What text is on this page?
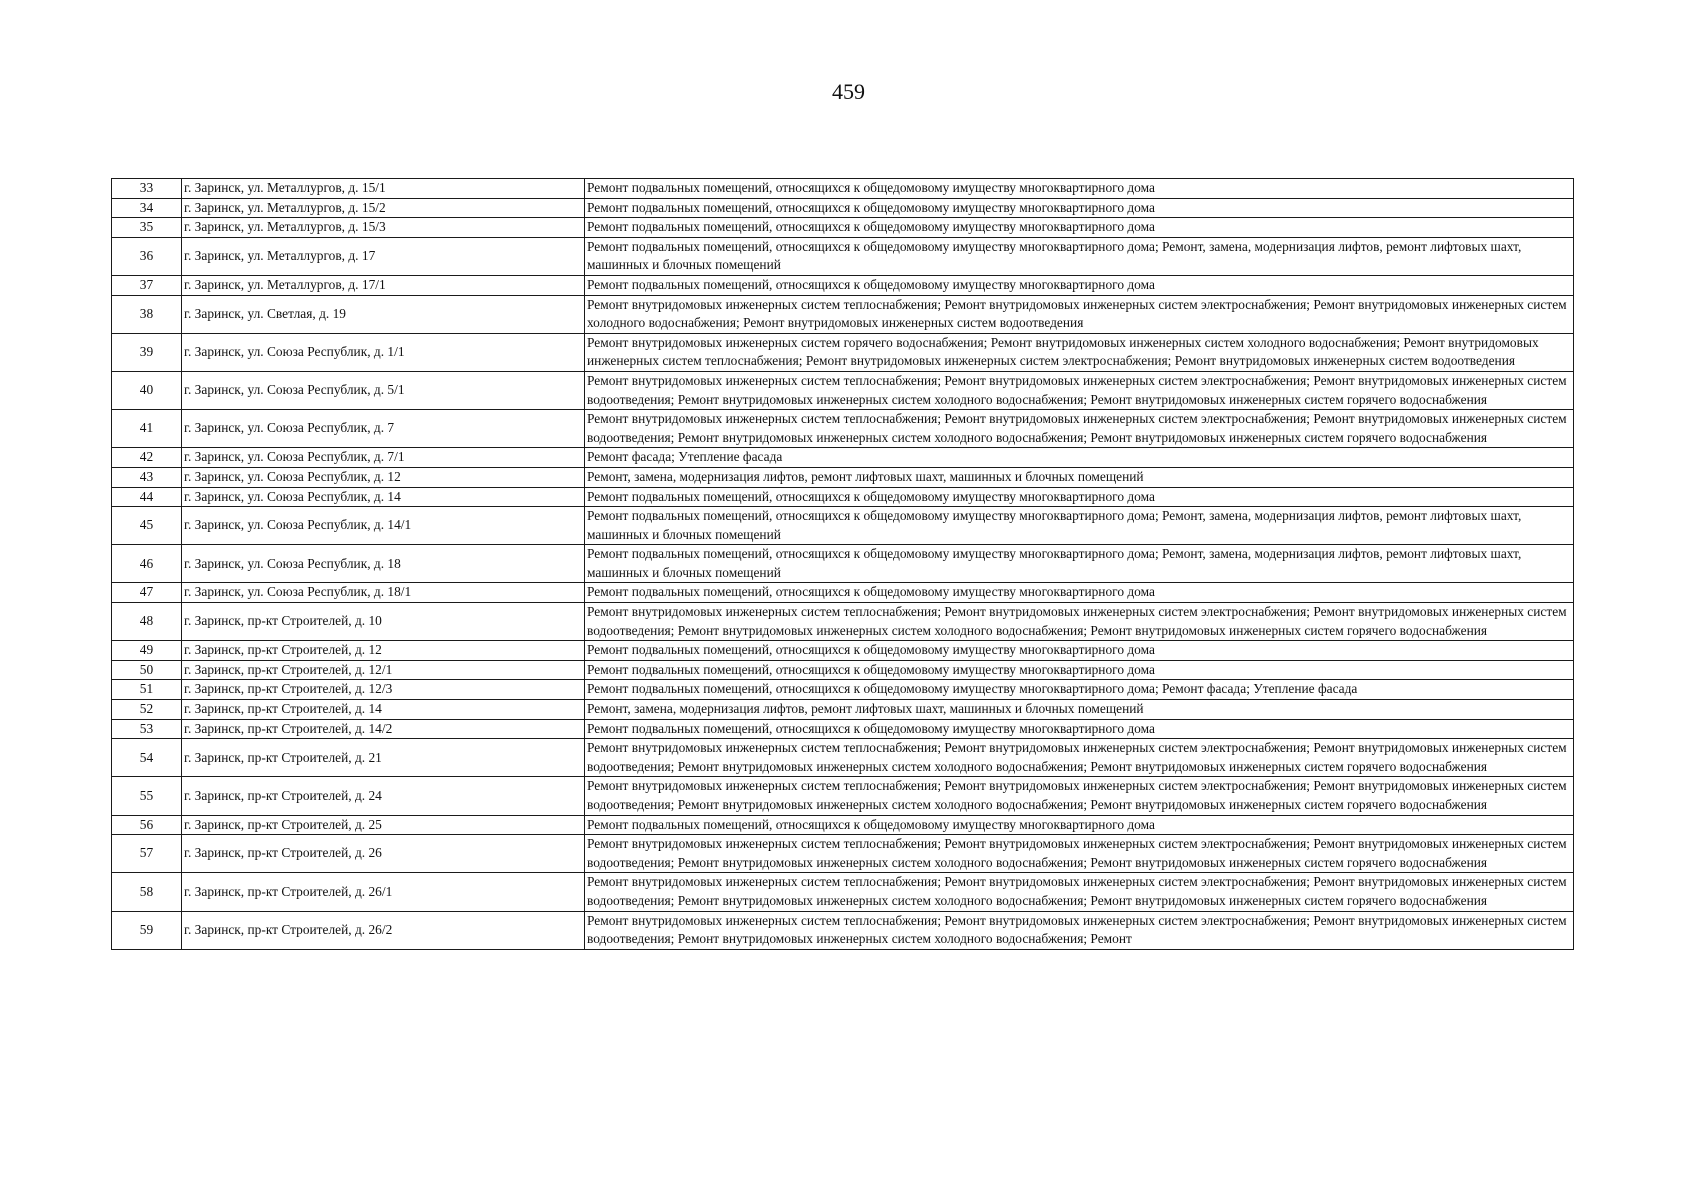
459
33	г. Заринск, ул. Металлургов, д. 15/1	Ремонт подвальных помещений, относящихся к общедомовому имуществу многоквартирного дома
34	г. Заринск, ул. Металлургов, д. 15/2	Ремонт подвальных помещений, относящихся к общедомовому имуществу многоквартирного дома
35	г. Заринск, ул. Металлургов, д. 15/3	Ремонт подвальных помещений, относящихся к общедомовому имуществу многоквартирного дома
36	г. Заринск, ул. Металлургов, д. 17	Ремонт подвальных помещений, относящихся к общедомовому имуществу многоквартирного дома; Ремонт, замена, модернизация лифтов, ремонт лифтовых шахт, машинных и блочных помещений
37	г. Заринск, ул. Металлургов, д. 17/1	Ремонт подвальных помещений, относящихся к общедомовому имуществу многоквартирного дома
38	г. Заринск, ул. Светлая, д. 19	Ремонт внутридомовых инженерных систем теплоснабжения; Ремонт внутридомовых инженерных систем электроснабжения; Ремонт внутридомовых инженерных систем холодного водоснабжения; Ремонт внутридомовых инженерных систем водоотведения
39	г. Заринск, ул. Союза Республик, д. 1/1	Ремонт внутридомовых инженерных систем горячего водоснабжения; Ремонт внутридомовых инженерных систем холодного водоснабжения; Ремонт внутридомовых инженерных систем теплоснабжения; Ремонт внутридомовых инженерных систем электроснабжения; Ремонт внутридомовых инженерных систем водоотведения
40	г. Заринск, ул. Союза Республик, д. 5/1	Ремонт внутридомовых инженерных систем теплоснабжения; Ремонт внутридомовых инженерных систем электроснабжения; Ремонт внутридомовых инженерных систем водоотведения; Ремонт внутридомовых инженерных систем холодного водоснабжения; Ремонт внутридомовых инженерных систем горячего водоснабжения
41	г. Заринск, ул. Союза Республик, д. 7	Ремонт внутридомовых инженерных систем теплоснабжения; Ремонт внутридомовых инженерных систем электроснабжения; Ремонт внутридомовых инженерных систем водоотведения; Ремонт внутридомовых инженерных систем холодного водоснабжения; Ремонт внутридомовых инженерных систем горячего водоснабжения
42	г. Заринск, ул. Союза Республик, д. 7/1	Ремонт фасада; Утепление фасада
43	г. Заринск, ул. Союза Республик, д. 12	Ремонт, замена, модернизация лифтов, ремонт лифтовых шахт, машинных и блочных помещений
44	г. Заринск, ул. Союза Республик, д. 14	Ремонт подвальных помещений, относящихся к общедомовому имуществу многоквартирного дома
45	г. Заринск, ул. Союза Республик, д. 14/1	Ремонт подвальных помещений, относящихся к общедомовому имуществу многоквартирного дома; Ремонт, замена, модернизация лифтов, ремонт лифтовых шахт, машинных и блочных помещений
46	г. Заринск, ул. Союза Республик, д. 18	Ремонт подвальных помещений, относящихся к общедомовому имуществу многоквартирного дома; Ремонт, замена, модернизация лифтов, ремонт лифтовых шахт, машинных и блочных помещений
47	г. Заринск, ул. Союза Республик, д. 18/1	Ремонт подвальных помещений, относящихся к общедомовому имуществу многоквартирного дома
48	г. Заринск, пр-кт Строителей, д. 10	Ремонт внутридомовых инженерных систем теплоснабжения; Ремонт внутридомовых инженерных систем электроснабжения; Ремонт внутридомовых инженерных систем водоотведения; Ремонт внутридомовых инженерных систем холодного водоснабжения; Ремонт внутридомовых инженерных систем горячего водоснабжения
49	г. Заринск, пр-кт Строителей, д. 12	Ремонт подвальных помещений, относящихся к общедомовому имуществу многоквартирного дома
50	г. Заринск, пр-кт Строителей, д. 12/1	Ремонт подвальных помещений, относящихся к общедомовому имуществу многоквартирного дома
51	г. Заринск, пр-кт Строителей, д. 12/3	Ремонт подвальных помещений, относящихся к общедомовому имуществу многоквартирного дома; Ремонт фасада; Утепление фасада
52	г. Заринск, пр-кт Строителей, д. 14	Ремонт, замена, модернизация лифтов, ремонт лифтовых шахт, машинных и блочных помещений
53	г. Заринск, пр-кт Строителей, д. 14/2	Ремонт подвальных помещений, относящихся к общедомовому имуществу многоквартирного дома
54	г. Заринск, пр-кт Строителей, д. 21	Ремонт внутридомовых инженерных систем теплоснабжения; Ремонт внутридомовых инженерных систем электроснабжения; Ремонт внутридомовых инженерных систем водоотведения; Ремонт внутридомовых инженерных систем холодного водоснабжения; Ремонт внутридомовых инженерных систем горячего водоснабжения
55	г. Заринск, пр-кт Строителей, д. 24	Ремонт внутридомовых инженерных систем теплоснабжения; Ремонт внутридомовых инженерных систем электроснабжения; Ремонт внутридомовых инженерных систем водоотведения; Ремонт внутридомовых инженерных систем холодного водоснабжения; Ремонт внутридомовых инженерных систем горячего водоснабжения
56	г. Заринск, пр-кт Строителей, д. 25	Ремонт подвальных помещений, относящихся к общедомовому имуществу многоквартирного дома
57	г. Заринск, пр-кт Строителей, д. 26	Ремонт внутридомовых инженерных систем теплоснабжения; Ремонт внутридомовых инженерных систем электроснабжения; Ремонт внутридомовых инженерных систем водоотведения; Ремонт внутридомовых инженерных систем холодного водоснабжения; Ремонт внутридомовых инженерных систем горячего водоснабжения
58	г. Заринск, пр-кт Строителей, д. 26/1	Ремонт внутридомовых инженерных систем теплоснабжения; Ремонт внутридомовых инженерных систем электроснабжения; Ремонт внутридомовых инженерных систем водоотведения; Ремонт внутридомовых инженерных систем холодного водоснабжения; Ремонт внутридомовых инженерных систем горячего водоснабжения
59	г. Заринск, пр-кт Строителей, д. 26/2	Ремонт внутридомовых инженерных систем теплоснабжения; Ремонт внутридомовых инженерных систем электроснабжения; Ремонт внутридомовых инженерных систем водоотведения; Ремонт внутридомовых инженерных систем холодного водоснабжения; Ремонт
